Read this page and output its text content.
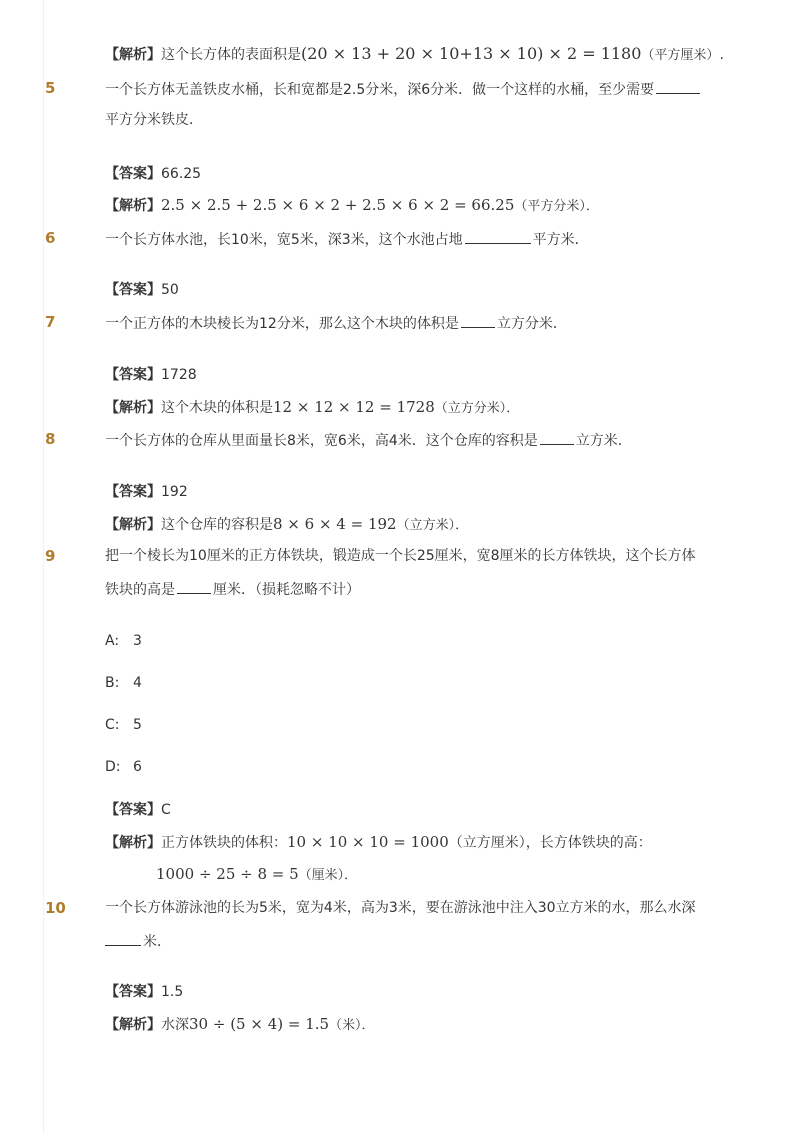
【解析】这个长方体的表面积是(20 × 13 + 20 × 10+13 × 10) × 2 = 1180（平方厘米）.
5	一个长方体无盖铁皮水桶，长和宽都是2.5分米，深6分米．做一个这样的水桶，至少需要
平方分米铁皮．
【答案】66.25
【解析】2.5 × 2.5 + 2.5 × 6 × 2 + 2.5 × 6 × 2 = 66.25（平方分米）．
6	一个长方体水池，长10米，宽5米，深3米，这个水池占地	平方米．
【答案】50
7	一个正方体的木块棱长为12分米，那么这个木块的体积是	立方分米．
【答案】1728
【解析】这个木块的体积是12 × 12 × 12 = 1728（立方分米）．
8	一个长方体的仓库从里面量长8米，宽6米，高4米．这个仓库的容积是	立方米．
【答案】192
【解析】这个仓库的容积是8 × 6 × 4 = 192（立方米）．
9	把一个棱长为10厘米的正方体铁块，锻造成一个长25厘米，宽8厘米的长方体铁块，这个长方体
铁块的高是	厘米．（损耗忽略不计）
A: 3
B: 4
C: 5
D: 6
【答案】C
【解析】正方体铁块的体积：10 × 10 × 10 = 1000（立方厘米），长方体铁块的高：
1000 ÷ 25 ÷ 8 = 5（厘米）．
10	一个长方体游泳池的长为5米，宽为4米，高为3米，要在游泳池中注入30立方米的水，那么水深
米．
【答案】1.5
【解析】水深30 ÷ (5 × 4) = 1.5（米）．
